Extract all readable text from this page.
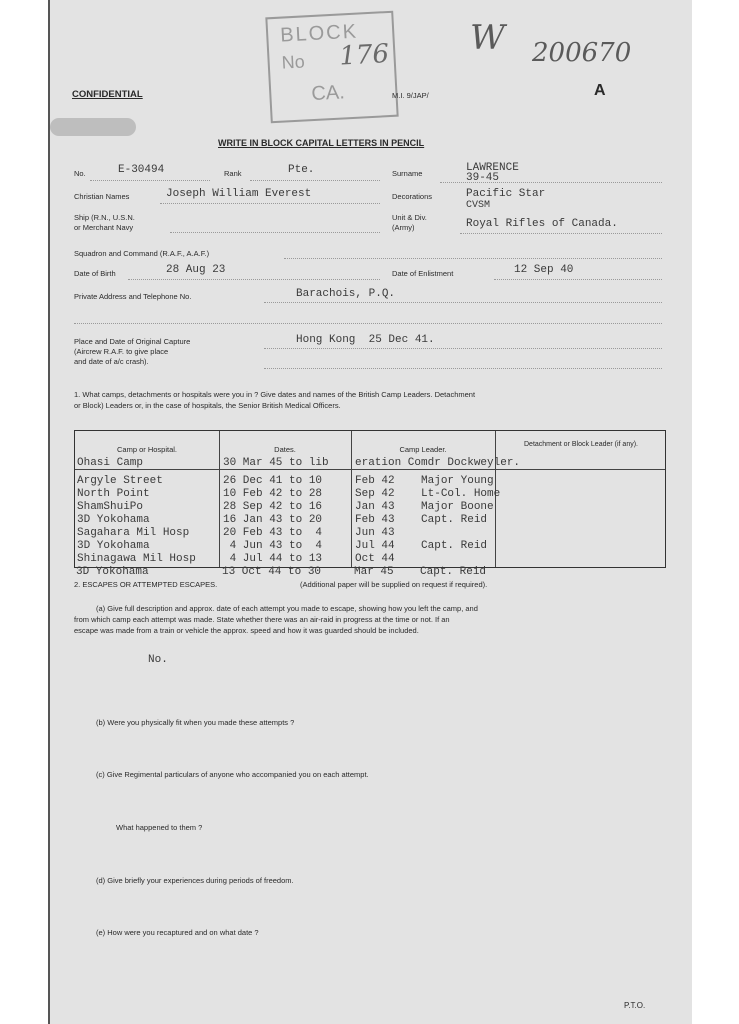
BLOCK
No 176
CA.
W 200670
CONFIDENTIAL	M.I. 9/JAP/	A
WRITE IN BLOCK CAPITAL LETTERS IN PENCIL
No.	E-30494	Rank	Pte.	Surname	LAWRENCE
39-45
Christian Names	Joseph William Everest	Decorations	Pacific Star
CVSM
Ship (R.N., U.S.N.
or Merchant Navy
Unit & Div.
(Army)	Royal Rifles of Canada.
Squadron and Command (R.A.F., A.A.F.)
Date of Birth	28 Aug 23	Date of Enlistment	12 Sep 40
Private Address and Telephone No.	Barachois, P.Q.
Place and Date of Original Capture
(Aircrew R.A.F. to give place
and date of a/c crash).
Hong Kong  25 Dec 41.
1. What camps, detachments or hospitals were you in ? Give dates and names of the British Camp Leaders. Detachment
or Block) Leaders or, in the case of hospitals, the Senior British Medical Officers.
Camp or Hospital.	Dates.	Camp Leader.
Detachment or Block Leader (if any).
Ohasi Camp	30 Mar 45 to lib eration Comdr Dockweyler.
Argyle Street	26 Dec 41 to 10 Feb 42    Major Young
North Point	10 Feb 42 to 28 Sep 42    Lt-Col. Home
ShamShuiPo	28 Sep 42 to 16 Jan 43    Major Boone
3D Yokohama	16 Jan 43 to 20 Feb 43    Capt. Reid
Sagahara Mil Hosp	20 Feb 43 to  4 Jun 43
3D Yokohama	4 Jun 43 to  4 Jul 44    Capt. Reid
Shinagawa Mil Hosp 4 Jul 44 to 13 Oct 44
3D Yokohama	13 Oct 44 to 30 Mar 45    Capt. Reid
2. ESCAPES OR ATTEMPTED ESCAPES.	(Additional paper will be supplied on request if required).
(a) Give full description and approx. date of each attempt you made to escape, showing how you left the camp, and
from which camp each attempt was made. State whether there was an air-raid in progress at the time or not. If an
escape was made from a train or vehicle the approx. speed and how it was guarded should be included.
No.
(b) Were you physically fit when you made these attempts ?
(c) Give Regimental particulars of anyone who accompanied you on each attempt.
What happened to them ?
(d) Give briefly your experiences during periods of freedom.
(e) How were you recaptured and on what date ?
P.T.O.
